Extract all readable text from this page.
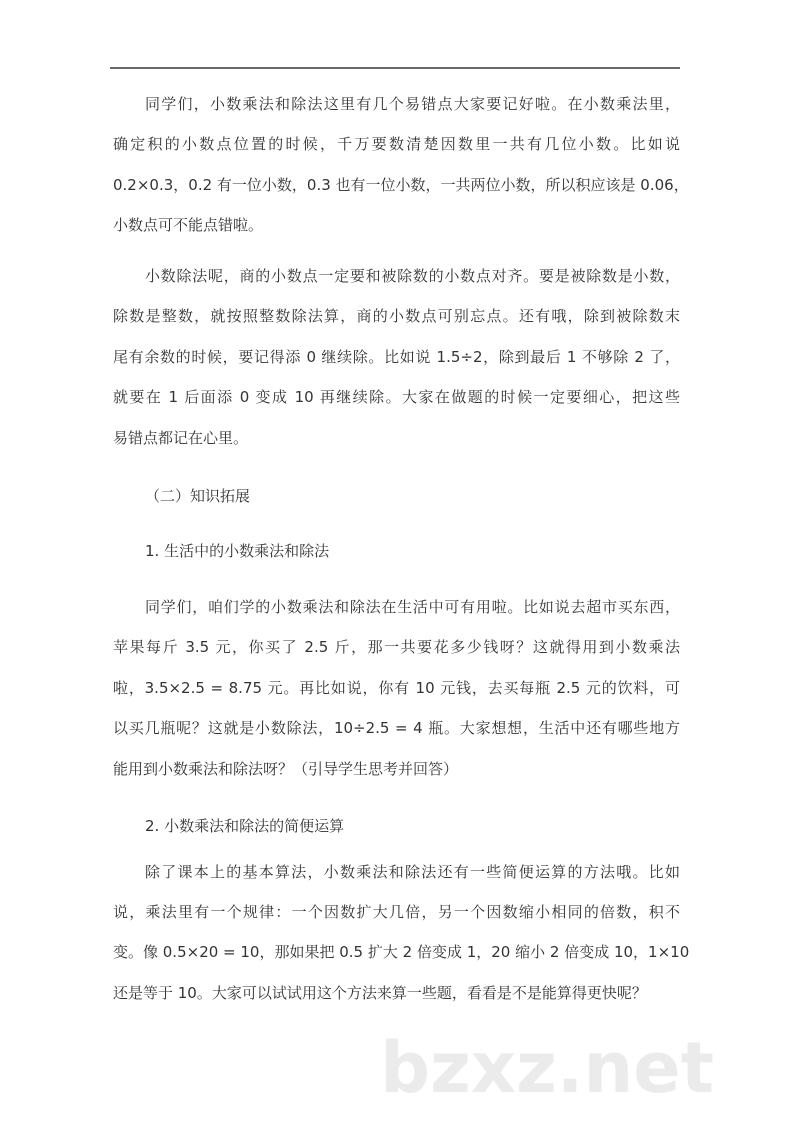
同学们，小数乘法和除法这里有几个易错点大家要记好啦。在小数乘法里，
确定积的小数点位置的时候，千万要数清楚因数里一共有几位小数。比如说
0.2×0.3，0.2 有一位小数，0.3 也有一位小数，一共两位小数，所以积应该是 0.06，
小数点可不能点错啦。
小数除法呢，商的小数点一定要和被除数的小数点对齐。要是被除数是小数，
除数是整数，就按照整数除法算，商的小数点可别忘点。还有哦，除到被除数末
尾有余数的时候，要记得添 0 继续除。比如说 1.5÷2，除到最后 1 不够除 2 了，
就要在 1 后面添 0 变成 10 再继续除。大家在做题的时候一定要细心，把这些
易错点都记在心里。
（二）知识拓展
1. 生活中的小数乘法和除法
同学们，咱们学的小数乘法和除法在生活中可有用啦。比如说去超市买东西，
苹果每斤 3.5 元，你买了 2.5 斤，那一共要花多少钱呀？这就得用到小数乘法
啦，3.5×2.5 = 8.75 元。再比如说，你有 10 元钱，去买每瓶 2.5 元的饮料，可
以买几瓶呢？这就是小数除法，10÷2.5 = 4 瓶。大家想想，生活中还有哪些地方
能用到小数乘法和除法呀？（引导学生思考并回答）
2. 小数乘法和除法的简便运算
除了课本上的基本算法，小数乘法和除法还有一些简便运算的方法哦。比如
说，乘法里有一个规律：一个因数扩大几倍，另一个因数缩小相同的倍数，积不
变。像 0.5×20 = 10，那如果把 0.5 扩大 2 倍变成 1，20 缩小 2 倍变成 10，1×10
还是等于 10。大家可以试试用这个方法来算一些题，看看是不是能算得更快呢？
bzxz.net
